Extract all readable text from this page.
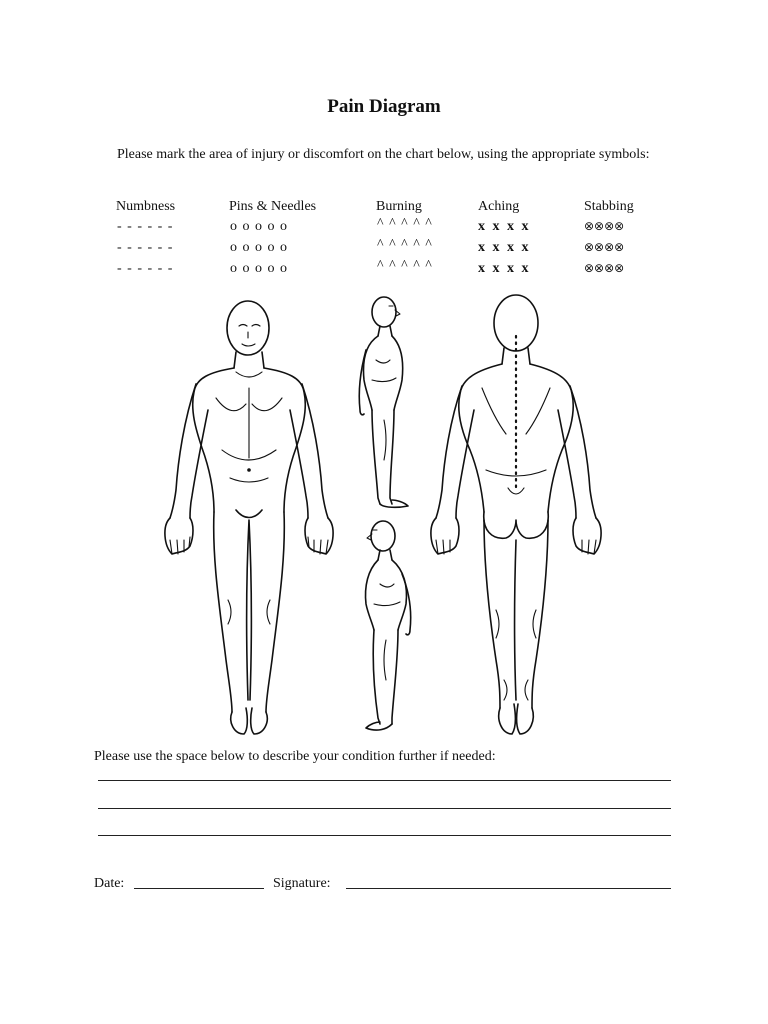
Pain Diagram
Please mark the area of injury or discomfort on the chart below, using the appropriate symbols:
Numbness
- - - - - -
- - - - - -
- - - - - -
Pins & Needles
o o o o o
o o o o o
o o o o o
Burning
^ ^ ^ ^ ^
^ ^ ^ ^ ^
^ ^ ^ ^ ^
Aching
x x x x
x x x x
x x x x
Stabbing
⊗⊗⊗⊗
⊗⊗⊗⊗
⊗⊗⊗⊗
Please use the space below to describe your condition further if needed:
Date:	Signature:
